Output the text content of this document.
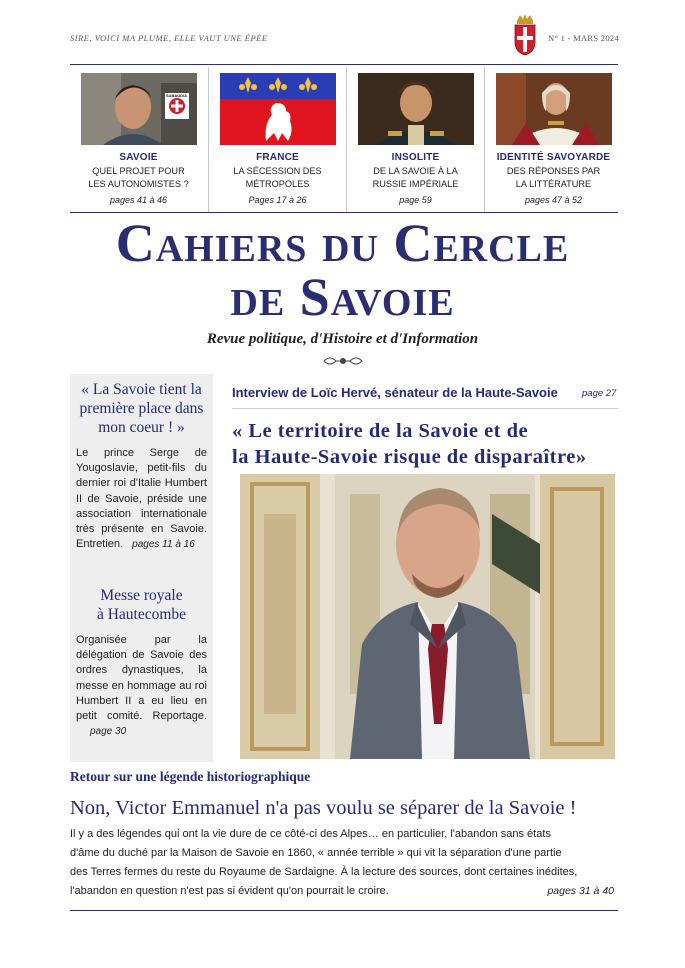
SIRE, VOICI MA PLUME, ELLE VAUT UNE ÉPÉE	N° 1 - MARS 2024
SABAUDIA
SAVOIE
QUEL PROJET POUR
LES AUTONOMISTES ?
pages 41 à 46
FRANCE
LA SÉCESSION DES
MÉTROPOLES
Pages 17 à 26
INSOLITE
DE LA SAVOIE À LA
RUSSIE IMPÉRIALE
page 59
IDENTITÉ SAVOYARDE
DES RÉPONSES PAR
LA LITTÉRATURE
pages 47 à 52
Cahiers du Cercle
de Savoie
Revue politique, d'Histoire et d'Information
« La Savoie tient la première place dans mon coeur ! »
Le prince Serge de Yougoslavie, petit-fils du dernier roi d'Italie Humbert II de Savoie, préside une association internationale très présente en Savoie. Entretien. pages 11 à 16
Messe royale
à Hautecombe
Organisée par la délégation de Savoie des ordres dynastiques, la messe en hommage au roi Humbert II a eu lieu en petit comité. Reportage. page 30
Interview de Loïc Hervé, sénateur de la Haute-Savoie	page 27
« Le territoire de la Savoie et de
la Haute-Savoie risque de disparaître»
Retour sur une légende historiographique
Non, Victor Emmanuel n'a pas voulu se séparer de la Savoie !
Il y a des légendes qui ont la vie dure de ce côté-ci des Alpes… en particulier, l'abandon sans états
d'âme du duché par la Maison de Savoie en 1860, « année terrible » qui vit la séparation d'une partie
des Terres fermes du reste du Royaume de Sardaigne. À la lecture des sources, dont certaines inédites,
l'abandon en question n'est pas si évident qu'on pourrait le croire.	pages 31 à 40
